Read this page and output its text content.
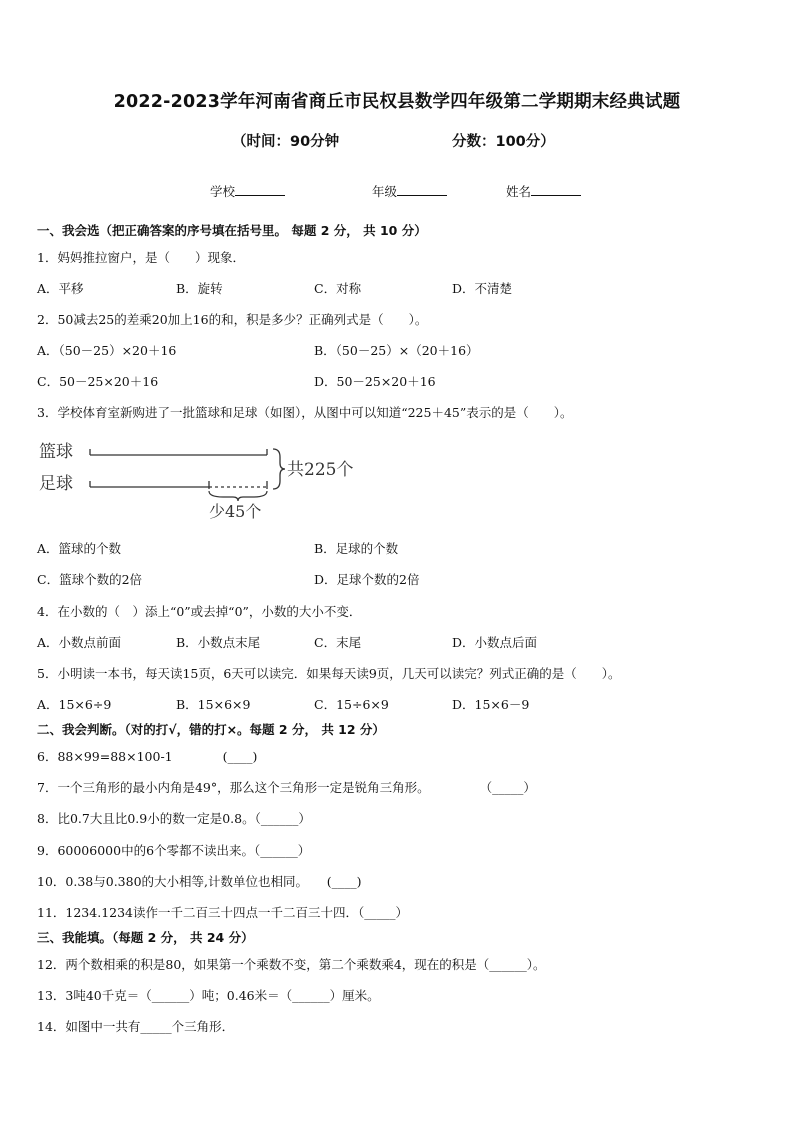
2022-2023学年河南省商丘市民权县数学四年级第二学期期末经典试题
（时间：90分钟	分数：100分）
学校	年级	姓名
一、我会选（把正确答案的序号填在括号里。 每题 2 分， 共 10 分）
1．妈妈推拉窗户，是（　　）现象．
A．平移	B．旋转	C．对称	D．不清楚
2．50减去25的差乘20加上16的和，积是多少？正确列式是（　　）。
A．（50－25）×20＋16	B．（50－25）×（20＋16）
C．50－25×20＋16	D．50－25×20＋16
3．学校体育室新购进了一批篮球和足球（如图），从图中可以知道“225＋45”表示的是（　　）。
篮球
足球
少45个
共225个
A．篮球的个数	B．足球的个数
C．篮球个数的2倍	D．足球个数的2倍
4．在小数的（　）添上“0”或去掉“0”，小数的大小不变．
A．小数点前面	B．小数点末尾	C．末尾	D．小数点后面
5．小明读一本书，每天读15页，6天可以读完．如果每天读9页，几天可以读完？列式正确的是（　　）。
A．15×6÷9	B．15×6×9	C．15÷6×9	D．15×6－9
二、我会判断。（对的打√，错的打×。每题 2 分， 共 12 分）
6．88×99=88×100-1　　　　(____)
7．一个三角形的最小内角是49°，那么这个三角形一定是锐角三角形。　　　　　（_____）
8．比0.7大且比0.9小的数一定是0.8。（______）
9．60006000中的6个零都不读出来。（______）
10．0.38与0.380的大小相等,计数单位也相同。　　(____)
11．1234.1234读作一千二百三十四点一千二百三十四．（_____）
三、我能填。（每题 2 分， 共 24 分）
12．两个数相乘的积是80，如果第一个乘数不变，第二个乘数乘4，现在的积是（______）。
13．3吨40千克＝（______）吨；0.46米＝（______）厘米。
14．如图中一共有_____个三角形．
